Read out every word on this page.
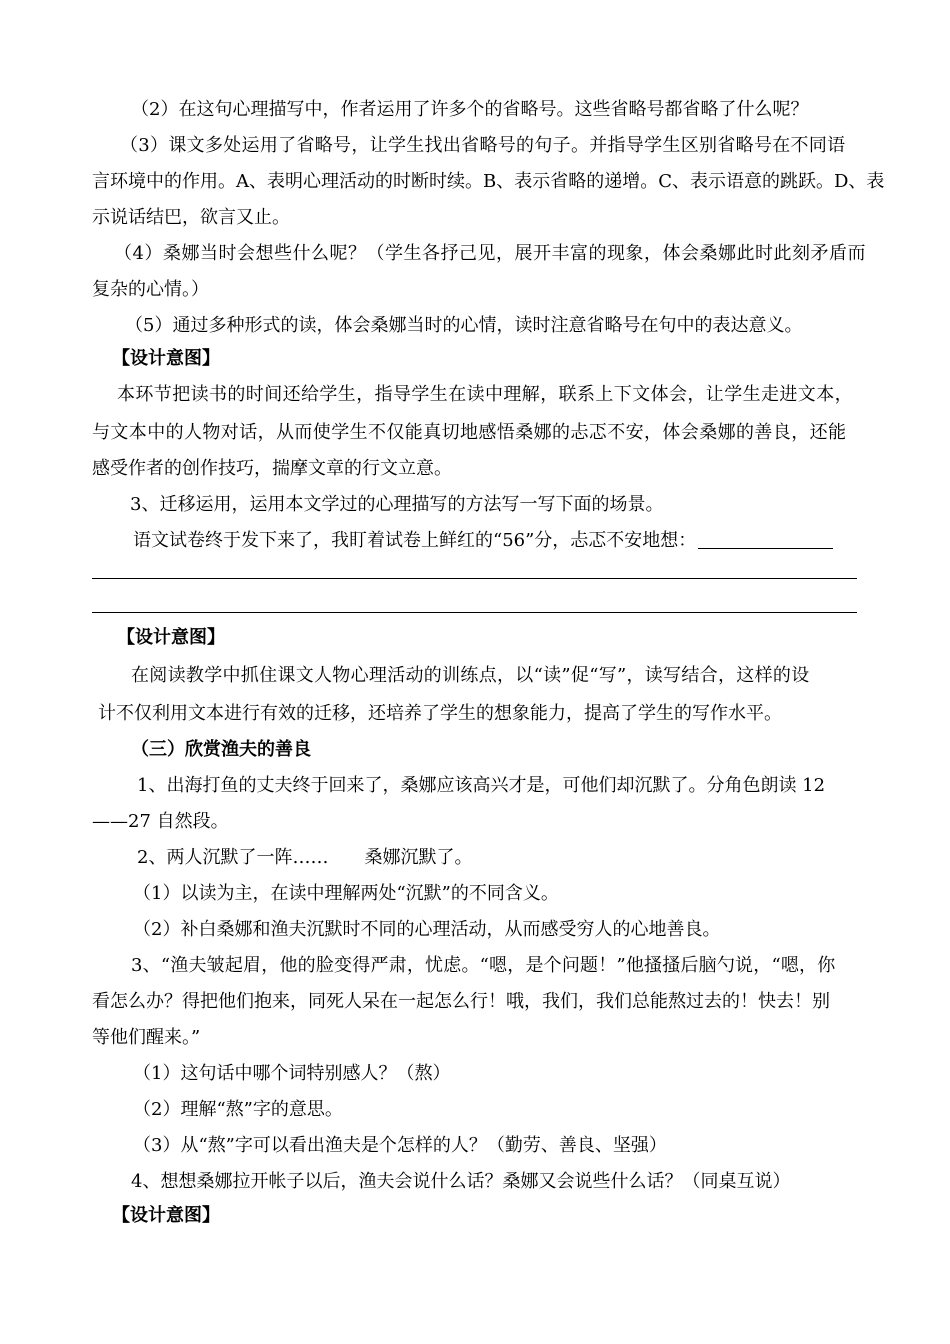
（2）在这句心理描写中，作者运用了许多个的省略号。这些省略号都省略了什么呢？
（3）课文多处运用了省略号，让学生找出省略号的句子。并指导学生区别省略号在不同语
言环境中的作用。A、表明心理活动的时断时续。B、表示省略的递增。C、表示语意的跳跃。D、表
示说话结巴，欲言又止。
（4）桑娜当时会想些什么呢？（学生各抒己见，展开丰富的现象，体会桑娜此时此刻矛盾而
复杂的心情。）
（5）通过多种形式的读，体会桑娜当时的心情，读时注意省略号在句中的表达意义。
【设计意图】
本环节把读书的时间还给学生，指导学生在读中理解，联系上下文体会，让学生走进文本，
与文本中的人物对话，从而使学生不仅能真切地感悟桑娜的忐忑不安，体会桑娜的善良，还能
感受作者的创作技巧，揣摩文章的行文立意。
3、迁移运用，运用本文学过的心理描写的方法写一写下面的场景。
语文试卷终于发下来了，我盯着试卷上鲜红的“56”分，忐忑不安地想：
【设计意图】
在阅读教学中抓住课文人物心理活动的训练点，以“读”促“写”，读写结合，这样的设
计不仅利用文本进行有效的迁移，还培养了学生的想象能力，提高了学生的写作水平。
（三）欣赏渔夫的善良
1、出海打鱼的丈夫终于回来了，桑娜应该高兴才是，可他们却沉默了。分角色朗读 12
——27 自然段。
2、两人沉默了一阵……　　桑娜沉默了。
（1）以读为主，在读中理解两处“沉默”的不同含义。
（2）补白桑娜和渔夫沉默时不同的心理活动，从而感受穷人的心地善良。
3、“渔夫皱起眉，他的脸变得严肃，忧虑。“嗯，是个问题！”他搔搔后脑勺说，“嗯，你
看怎么办？得把他们抱来，同死人呆在一起怎么行！哦，我们，我们总能熬过去的！快去！别
等他们醒来。”
（1）这句话中哪个词特别感人？（熬）
（2）理解“熬”字的意思。
（3）从“熬”字可以看出渔夫是个怎样的人？（勤劳、善良、坚强）
4、想想桑娜拉开帐子以后，渔夫会说什么话？桑娜又会说些什么话？（同桌互说）
【设计意图】
